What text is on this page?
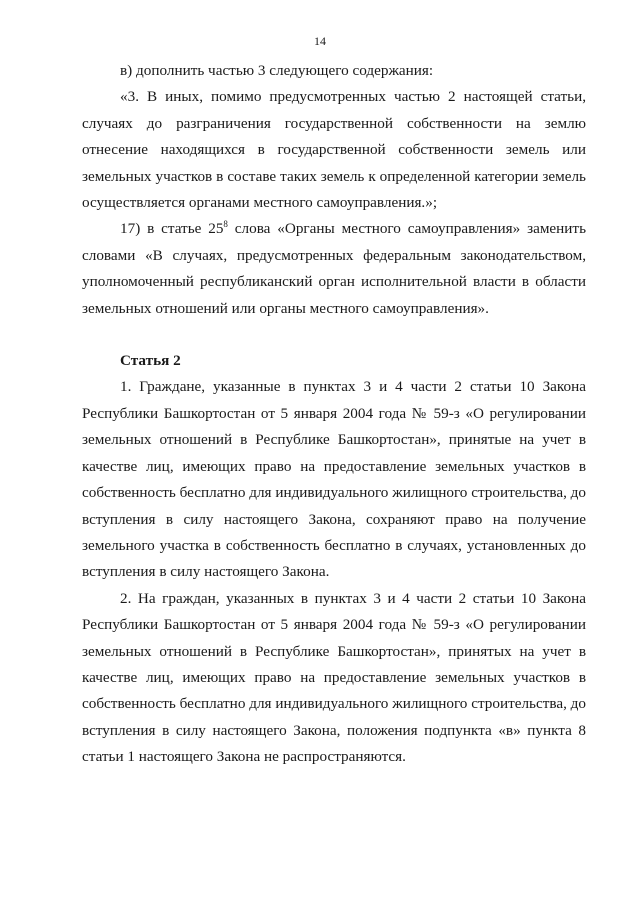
14

в) дополнить частью 3 следующего содержания:

«3. В иных, помимо предусмотренных частью 2 настоящей статьи, случаях до разграничения государственной собственности на землю отнесение находящихся в государственной собственности земель или земельных участков в составе таких земель к определенной категории земель осуществляется органами местного самоуправления.»;

17) в статье $25^8$ слова «Органы местного самоуправления» заменить словами «В случаях, предусмотренных федеральным законодательством, уполномоченный республиканский орган исполнительной власти в области земельных отношений или органы местного самоуправления».

Статья 2

1. Граждане, указанные в пунктах 3 и 4 части 2 статьи 10 Закона Республики Башкортостан от 5 января 2004 года № 59-з «О регулировании земельных отношений в Республике Башкортостан», принятые на учет в качестве лиц, имеющих право на предоставление земельных участков в собственность бесплатно для индивидуального жилищного строительства, до вступления в силу настоящего Закона, сохраняют право на получение земельного участка в собственность бесплатно в случаях, установленных до вступления в силу настоящего Закона.

2. На граждан, указанных в пунктах 3 и 4 части 2 статьи 10 Закона Республики Башкортостан от 5 января 2004 года № 59-з «О регулировании земельных отношений в Республике Башкортостан», принятых на учет в качестве лиц, имеющих право на предоставление земельных участков в собственность бесплатно для индивидуального жилищного строительства, до вступления в силу настоящего Закона, положения подпункта «в» пункта 8 статьи 1 настоящего Закона не распространяются.
